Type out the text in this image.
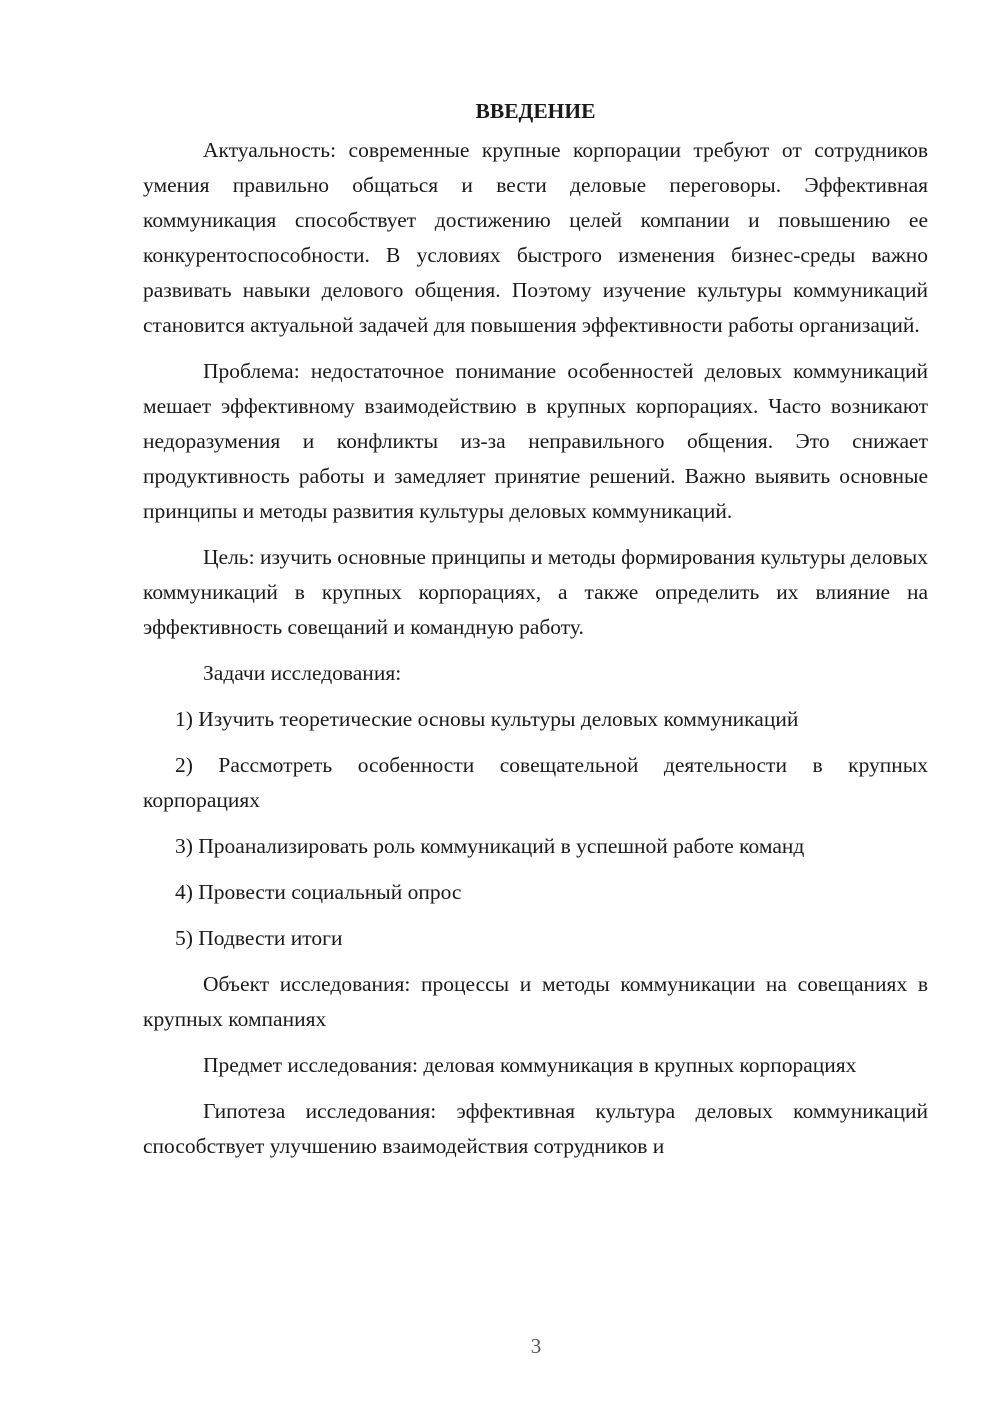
ВВЕДЕНИЕ

Актуальность: современные крупные корпорации требуют от сотрудников умения правильно общаться и вести деловые переговоры. Эффективная коммуникация способствует достижению целей компании и повышению ее конкурентоспособности. В условиях быстрого изменения бизнес-среды важно развивать навыки делового общения. Поэтому изучение культуры коммуникаций становится актуальной задачей для повышения эффективности работы организаций.

Проблема: недостаточное понимание особенностей деловых коммуникаций мешает эффективному взаимодействию в крупных корпорациях. Часто возникают недоразумения и конфликты из-за неправильного общения. Это снижает продуктивность работы и замедляет принятие решений. Важно выявить основные принципы и методы развития культуры деловых коммуникаций.

Цель: изучить основные принципы и методы формирования культуры деловых коммуникаций в крупных корпорациях, а также определить их влияние на эффективность совещаний и командную работу.

Задачи исследования:

1) Изучить теоретические основы культуры деловых коммуникаций

2) Рассмотреть особенности совещательной деятельности в крупных корпорациях

3) Проанализировать роль коммуникаций в успешной работе команд

4) Провести социальный опрос

5) Подвести итоги

Объект исследования: процессы и методы коммуникации на совещаниях в крупных компаниях

Предмет исследования: деловая коммуникация в крупных корпорациях

Гипотеза исследования: эффективная культура деловых коммуникаций способствует улучшению взаимодействия сотрудников и

3
